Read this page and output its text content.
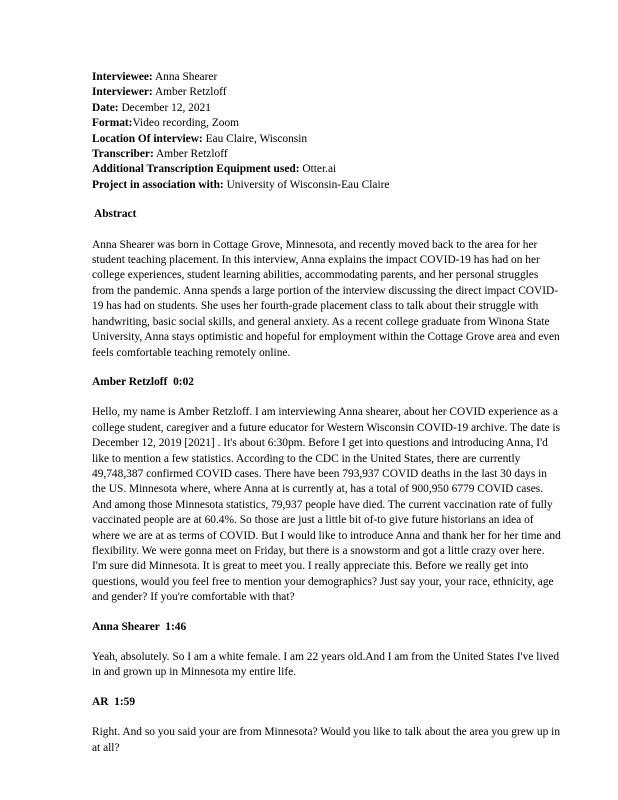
Interviewee: Anna Shearer
Interviewer: Amber Retzloff
Date: December 12, 2021
Format:Video recording, Zoom
Location Of interview: Eau Claire, Wisconsin
Transcriber: Amber Retzloff
Additional Transcription Equipment used: Otter.ai
Project in association with: University of Wisconsin-Eau Claire
Abstract
Anna Shearer was born in Cottage Grove, Minnesota, and recently moved back to the area for her student teaching placement. In this interview, Anna explains the impact COVID-19 has had on her college experiences, student learning abilities, accommodating parents, and her personal struggles from the pandemic. Anna spends a large portion of the interview discussing the direct impact COVID-19 has had on students. She uses her fourth-grade placement class to talk about their struggle with handwriting, basic social skills, and general anxiety. As a recent college graduate from Winona State University, Anna stays optimistic and hopeful for employment within the Cottage Grove area and even feels comfortable teaching remotely online.
Amber Retzloff  0:02
Hello, my name is Amber Retzloff. I am interviewing Anna shearer, about her COVID experience as a college student, caregiver and a future educator for Western Wisconsin COVID-19 archive. The date is December 12, 2019 [2021] . It's about 6:30pm. Before I get into questions and introducing Anna, I'd like to mention a few statistics. According to the CDC in the United States, there are currently 49,748,387 confirmed COVID cases. There have been 793,937 COVID deaths in the last 30 days in the US. Minnesota where, where Anna at is currently at, has a total of 900,950 6779 COVID cases. And among those Minnesota statistics, 79,937 people have died. The current vaccination rate of fully vaccinated people are at 60.4%. So those are just a little bit of-to give future historians an idea of where we are at as terms of COVID. But I would like to introduce Anna and thank her for her time and flexibility. We were gonna meet on Friday, but there is a snowstorm and got a little crazy over here. I'm sure did Minnesota. It is great to meet you. I really appreciate this. Before we really get into questions, would you feel free to mention your demographics? Just say your, your race, ethnicity, age and gender? If you're comfortable with that?
Anna Shearer  1:46
Yeah, absolutely. So I am a white female. I am 22 years old.And I am from the United States I've lived in and grown up in Minnesota my entire life.
AR  1:59
Right. And so you said your are from Minnesota? Would you like to talk about the area you grew up in at all?
